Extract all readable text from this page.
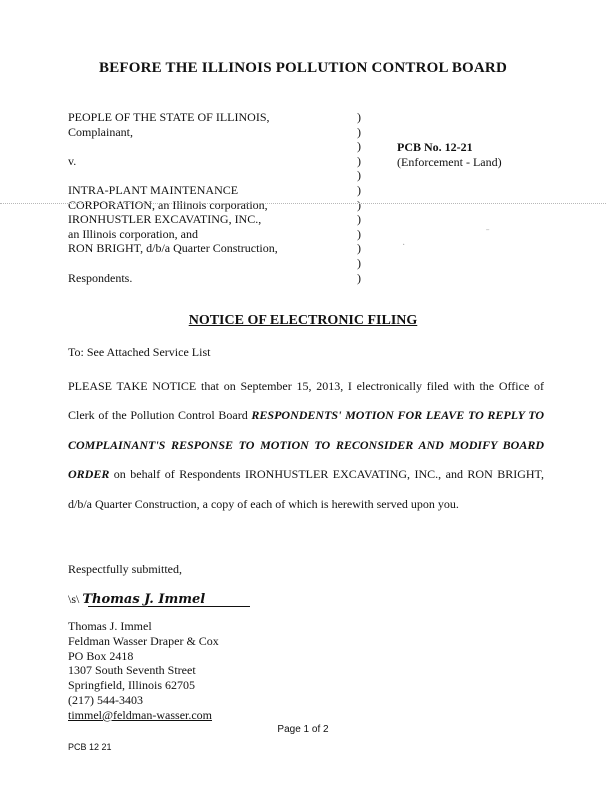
BEFORE THE ILLINOIS POLLUTION CONTROL BOARD
PEOPLE OF THE STATE OF ILLINOIS,
Complainant,

v.

INTRA-PLANT MAINTENANCE
CORPORATION, an Illinois corporation,
IRONHUSTLER EXCAVATING, INC.,
an Illinois corporation, and
RON BRIGHT, d/b/a Quarter Construction,

Respondents.
)
)
)
)
)
)
)
)
)
)
)
)
PCB No. 12-21
(Enforcement - Land)
ˉ
·
NOTICE OF ELECTRONIC FILING
To: See Attached Service List
PLEASE TAKE NOTICE that on September 15, 2013, I electronically filed with the Office of Clerk of the Pollution Control Board RESPONDENTS' MOTION FOR LEAVE TO REPLY TO COMPLAINANT'S RESPONSE TO MOTION TO RECONSIDER AND MODIFY BOARD ORDER on behalf of Respondents IRONHUSTLER EXCAVATING, INC., and RON BRIGHT, d/b/a Quarter Construction, a copy of each of which is herewith served upon you.
Respectfully submitted,
\s\ Thomas J. Immel
Thomas J. Immel
Feldman Wasser Draper & Cox
PO Box 2418
1307 South Seventh Street
Springfield, Illinois 62705
(217) 544-3403
timmel@feldman-wasser.com
Page 1 of 2
PCB 12 21
